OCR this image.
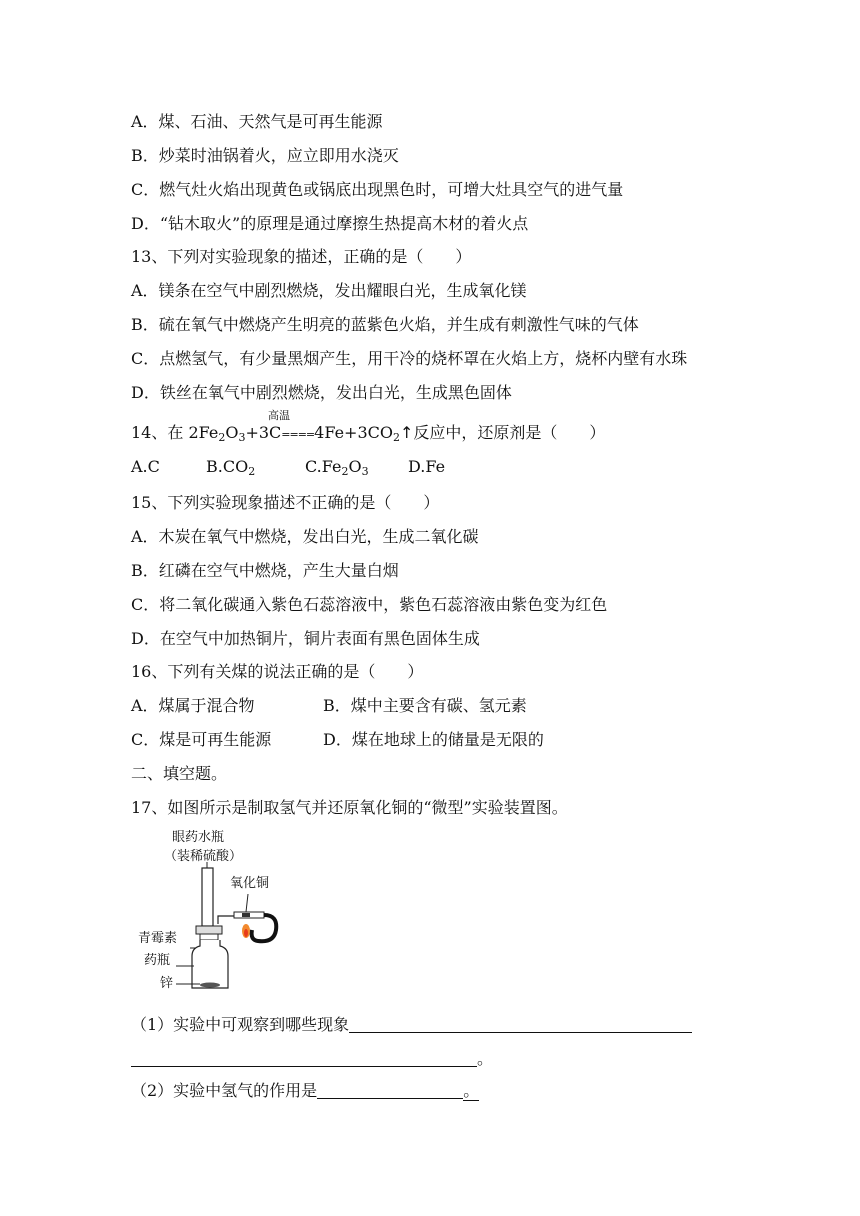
A．煤、石油、天然气是可再生能源
B．炒菜时油锅着火，应立即用水浇灭
C．燃气灶火焰出现黄色或锅底出现黑色时，可增大灶具空气的进气量
D．“钻木取火”的原理是通过摩擦生热提高木材的着火点
13、下列对实验现象的描述，正确的是（　　）
A．镁条在空气中剧烈燃烧，发出耀眼白光，生成氧化镁
B．硫在氧气中燃烧产生明亮的蓝紫色火焰，并生成有刺激性气味的气体
C．点燃氢气，有少量黑烟产生，用干冷的烧杯罩在火焰上方，烧杯内壁有水珠
D．铁丝在氧气中剧烈燃烧，发出白光，生成黑色固体
高温
14、在 $2Fe_2O_3+3C====4Fe+3CO_2↑$反应中，还原剂是（　　）
A.C	$B.CO_2$	$C.Fe_2O_3$ D.Fe
15、下列实验现象描述不正确的是（　　）
A．木炭在氧气中燃烧，发出白光，生成二氧化碳
B．红磷在空气中燃烧，产生大量白烟
C．将二氧化碳通入紫色石蕊溶液中，紫色石蕊溶液由紫色变为红色
D．在空气中加热铜片，铜片表面有黑色固体生成
16、下列有关煤的说法正确的是（　　）
A．煤属于混合物	B．煤中主要含有碳、氢元素
C．煤是可再生能源	D．煤在地球上的储量是无限的
二、填空题。
17、如图所示是制取氢气并还原氧化铜的“微型”实验装置图。
眼药水瓶
（装稀硫酸）
氧化铜
青霉素
药瓶
锌
（1）实验中可观察到哪些现象
。
（2）实验中氢气的作用是	。
